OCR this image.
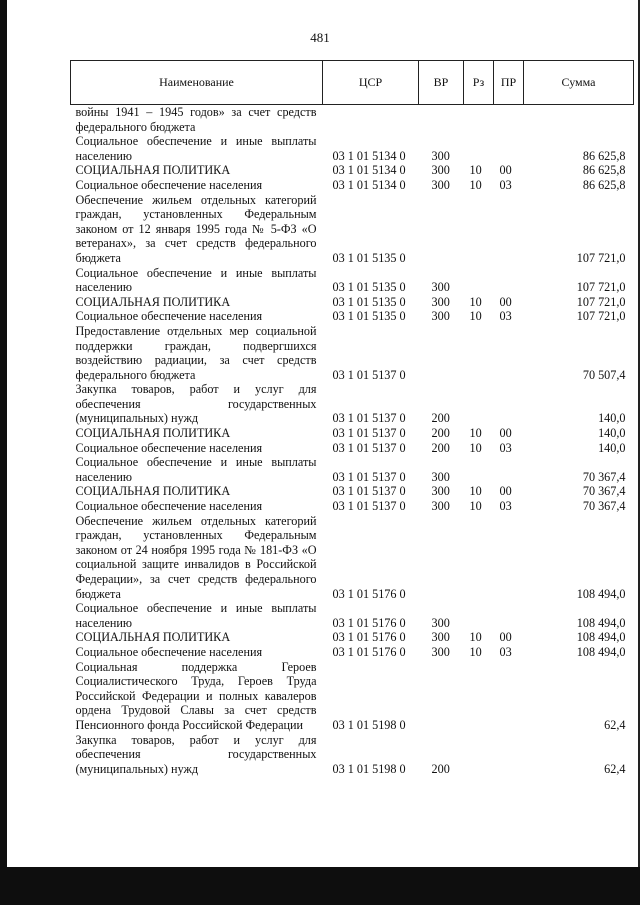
481
Наименование	ЦСР	ВР	Рз	ПР	Сумма
войны 1941 – 1945 годов» за счет средств федерального бюджета					
Социальное обеспечение и иные выплаты населению	03 1 01 5134 0	300			86 625,8
СОЦИАЛЬНАЯ ПОЛИТИКА	03 1 01 5134 0	300	10	00	86 625,8
Социальное обеспечение населения	03 1 01 5134 0	300	10	03	86 625,8
Обеспечение жильем отдельных категорий граждан, установленных Федеральным законом от 12 января 1995 года № 5-ФЗ «О ветеранах», за счет средств федерального бюджета	03 1 01 5135 0				107 721,0
Социальное обеспечение и иные выплаты населению	03 1 01 5135 0	300			107 721,0
СОЦИАЛЬНАЯ ПОЛИТИКА	03 1 01 5135 0	300	10	00	107 721,0
Социальное обеспечение населения	03 1 01 5135 0	300	10	03	107 721,0
Предоставление отдельных мер социальной поддержки граждан, подвергшихся воздействию радиации, за счет средств федерального бюджета	03 1 01 5137 0				70 507,4
Закупка товаров, работ и услуг для обеспечения государственных (муниципальных) нужд	03 1 01 5137 0	200			140,0
СОЦИАЛЬНАЯ ПОЛИТИКА	03 1 01 5137 0	200	10	00	140,0
Социальное обеспечение населения	03 1 01 5137 0	200	10	03	140,0
Социальное обеспечение и иные выплаты населению	03 1 01 5137 0	300			70 367,4
СОЦИАЛЬНАЯ ПОЛИТИКА	03 1 01 5137 0	300	10	00	70 367,4
Социальное обеспечение населения	03 1 01 5137 0	300	10	03	70 367,4
Обеспечение жильем отдельных категорий граждан, установленных Федеральным законом от 24 ноября 1995 года № 181-ФЗ «О социальной защите инвалидов в Российской Федерации», за счет средств федерального бюджета	03 1 01 5176 0				108 494,0
Социальное обеспечение и иные выплаты населению	03 1 01 5176 0	300			108 494,0
СОЦИАЛЬНАЯ ПОЛИТИКА	03 1 01 5176 0	300	10	00	108 494,0
Социальное обеспечение населения	03 1 01 5176 0	300	10	03	108 494,0
Социальная поддержка Героев Социалистического Труда, Героев Труда Российской Федерации и полных кавалеров ордена Трудовой Славы за счет средств Пенсионного фонда Российской Федерации	03 1 01 5198 0				62,4
Закупка товаров, работ и услуг для обеспечения государственных (муниципальных) нужд	03 1 01 5198 0	200			62,4
